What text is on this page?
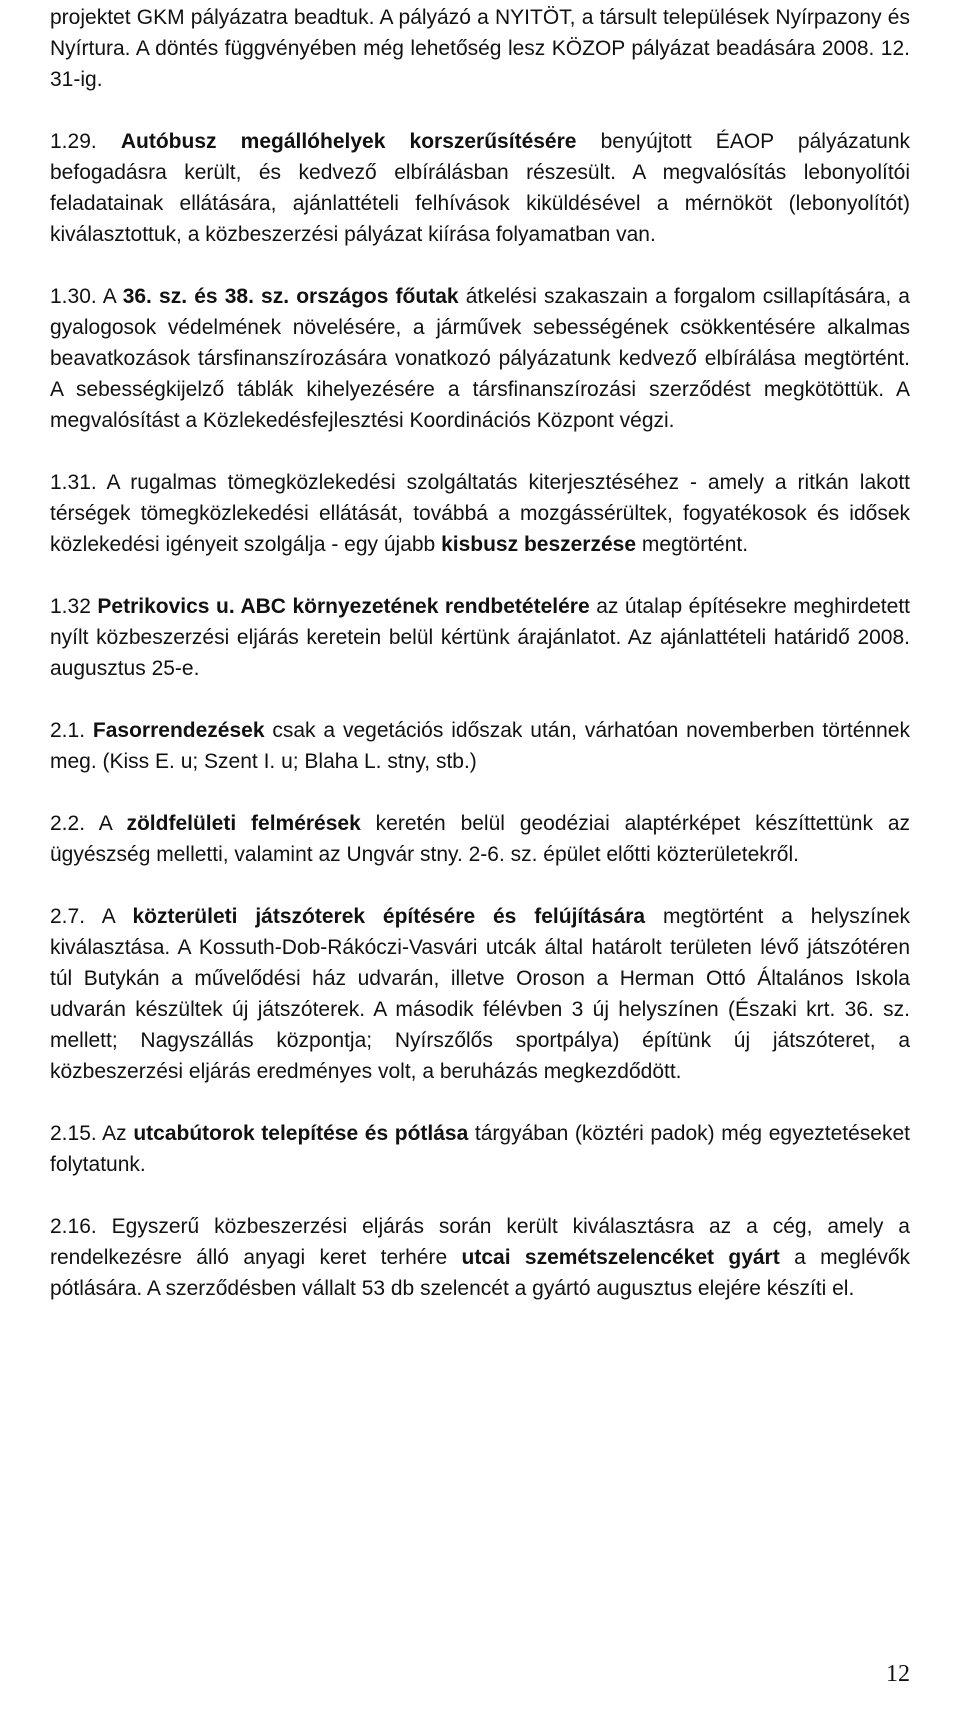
projektet GKM pályázatra beadtuk. A pályázó a NYITÖT, a társult települések Nyírpazony és Nyírtura. A döntés függvényében még lehetőség lesz KÖZOP pályázat beadására 2008. 12. 31-ig.

1.29. Autóbusz megállóhelyek korszerűsítésére benyújtott ÉAOP pályázatunk befogadásra került, és kedvező elbírálásban részesült. A megvalósítás lebonyolítói feladatainak ellátására, ajánlattételi felhívások kiküldésével a mérnököt (lebonyolítót) kiválasztottuk, a közbeszerzési pályázat kiírása folyamatban van.

1.30. A 36. sz. és 38. sz. országos főutak átkelési szakaszain a forgalom csillapítására, a gyalogosok védelmének növelésére, a járművek sebességének csökkentésére alkalmas beavatkozások társfinanszírozására vonatkozó pályázatunk kedvező elbírálása megtörtént. A sebességkijelző táblák kihelyezésére a társfinanszírozási szerződést megkötöttük. A megvalósítást a Közlekedésfejlesztési Koordinációs Központ végzi.

1.31. A rugalmas tömegközlekedési szolgáltatás kiterjesztéséhez - amely a ritkán lakott térségek tömegközlekedési ellátását, továbbá a mozgássérültek, fogyatékosok és idősek közlekedési igényeit szolgálja - egy újabb kisbusz beszerzése megtörtént.

1.32 Petrikovics u. ABC környezetének rendbetételére az útalap építésekre meghirdetett nyílt közbeszerzési eljárás keretein belül kértünk árajánlatot. Az ajánlattételi határidő 2008. augusztus 25-e.

2.1. Fasorrendezések csak a vegetációs időszak után, várhatóan novemberben történnek meg. (Kiss E. u; Szent I. u; Blaha L. stny, stb.)

2.2. A zöldfelületi felmérések keretén belül geodéziai alaptérképet készíttettünk az ügyészség melletti, valamint az Ungvár stny. 2-6. sz. épület előtti közterületekről.

2.7. A közterületi játszóterek építésére és felújítására megtörtént a helyszínek kiválasztása. A Kossuth-Dob-Rákóczi-Vasvári utcák által határolt területen lévő játszótéren túl Butykán a művelődési ház udvarán, illetve Oroson a Herman Ottó Általános Iskola udvarán készültek új játszóterek. A második félévben 3 új helyszínen (Északi krt. 36. sz. mellett; Nagyszállás központja; Nyírszőlős sportpálya) építünk új játszóteret, a közbeszerzési eljárás eredményes volt, a beruházás megkezdődött.

2.15. Az utcabútorok telepítése és pótlása tárgyában (köztéri padok) még egyeztetéseket folytatunk.

2.16. Egyszerű közbeszerzési eljárás során került kiválasztásra az a cég, amely a rendelkezésre álló anyagi keret terhére utcai szemétszelencéket gyárt a meglévők pótlására. A szerződésben vállalt 53 db szelencét a gyártó augusztus elejére készíti el.

12
